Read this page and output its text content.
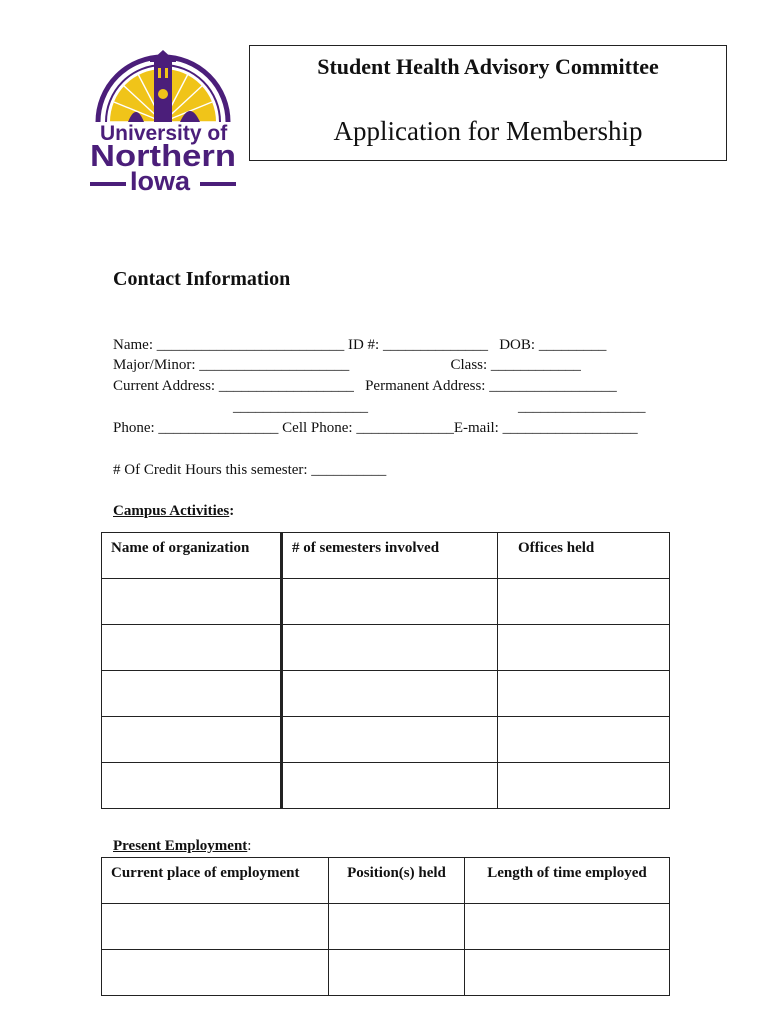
University of
Northern
Iowa
Student Health Advisory Committee
Application for Membership
Contact Information
Name: _________________________ ID #: ______________   DOB: _________
Major/Minor: ____________________                           Class: ____________
Current Address: __________________   Permanent Address: _________________
__________________                                        _________________
Phone: ________________ Cell Phone: _____________E-mail: __________________
# Of Credit Hours this semester: __________
Campus Activities:
Name of organization	# of semesters involved	Offices held

Present Employment:
Current place of employment	Position(s) held	Length of time employed
